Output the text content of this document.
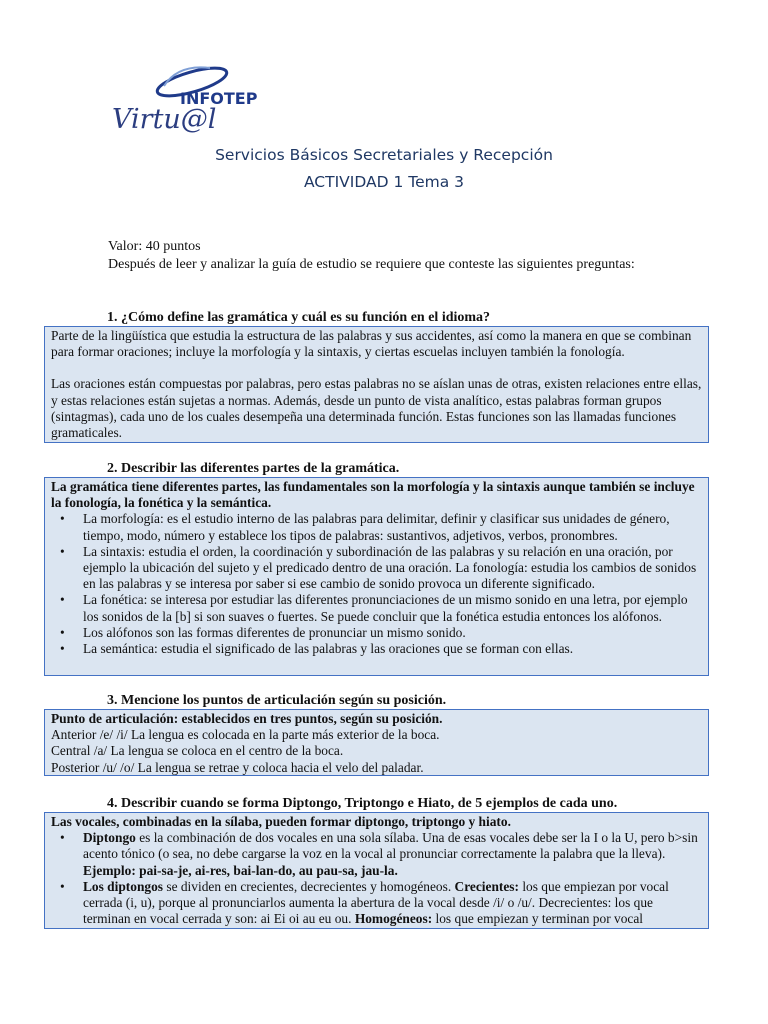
INFOTEP
Virtu@l
Servicios Básicos Secretariales y Recepción
ACTIVIDAD 1 Tema 3
Valor: 40 puntos
Después de leer y analizar la guía de estudio se requiere que conteste las siguientes preguntas:
1. ¿Cómo define las gramática y cuál es su función en el idioma?

Parte de la lingüística que estudia la estructura de las palabras y sus accidentes, así como la manera en que se combinan para formar oraciones; incluye la morfología y la sintaxis, y ciertas escuelas incluyen también la fonología.

Las oraciones están compuestas por palabras, pero estas palabras no se aíslan unas de otras, existen relaciones entre ellas, y estas relaciones están sujetas a normas. Además, desde un punto de vista analítico, estas palabras forman grupos (sintagmas), cada uno de los cuales desempeña una determinada función. Estas funciones son las llamadas funciones gramaticales.

2. Describir las diferentes partes de la gramática.

La gramática tiene diferentes partes, las fundamentales son la morfología y la sintaxis aunque también se incluye la fonología, la fonética y la semántica.

• La morfología: es el estudio interno de las palabras para delimitar, definir y clasificar sus unidades de género, tiempo, modo, número y establece los tipos de palabras: sustantivos, adjetivos, verbos, pronombres.
• La sintaxis: estudia el orden, la coordinación y subordinación de las palabras y su relación en una oración, por ejemplo la ubicación del sujeto y el predicado dentro de una oración. La fonología: estudia los cambios de sonidos en las palabras y se interesa por saber si ese cambio de sonido provoca un diferente significado.
• La fonética: se interesa por estudiar las diferentes pronunciaciones de un mismo sonido en una letra, por ejemplo los sonidos de la [b] si son suaves o fuertes. Se puede concluir que la fonética estudia entonces los alófonos.
• Los alófonos son las formas diferentes de pronunciar un mismo sonido.
• La semántica: estudia el significado de las palabras y las oraciones que se forman con ellas.
3. Mencione los puntos de articulación según su posición.

Punto de articulación: establecidos en tres puntos, según su posición.

Anterior /e/ /i/ La lengua es colocada en la parte más exterior de la boca.

Central /a/ La lengua se coloca en el centro de la boca.

Posterior /u/ /o/ La lengua se retrae y coloca hacia el velo del paladar.

4. Describir cuando se forma Diptongo, Triptongo e Hiato, de 5 ejemplos de cada uno.

Las vocales, combinadas en la sílaba, pueden formar diptongo, triptongo y hiato.

• Diptongo es la combinación de dos vocales en una sola sílaba. Una de esas vocales debe ser la I o la U, pero b>sin acento tónico (o sea, no debe cargarse la voz en la vocal al pronunciar correctamente la palabra que la lleva). Ejemplo: pai-sa-je, ai-res, bai-lan-do, au pau-sa, jau-la.
• Los diptongos se dividen en crecientes, decrecientes y homogéneos. Crecientes: los que empiezan por vocal cerrada (i, u), porque al pronunciarlos aumenta la abertura de la vocal desde /i/ o /u/. Decrecientes: los que terminan en vocal cerrada y son: ai Ei oi au eu ou. Homogéneos: los que empiezan y terminan por vocal
